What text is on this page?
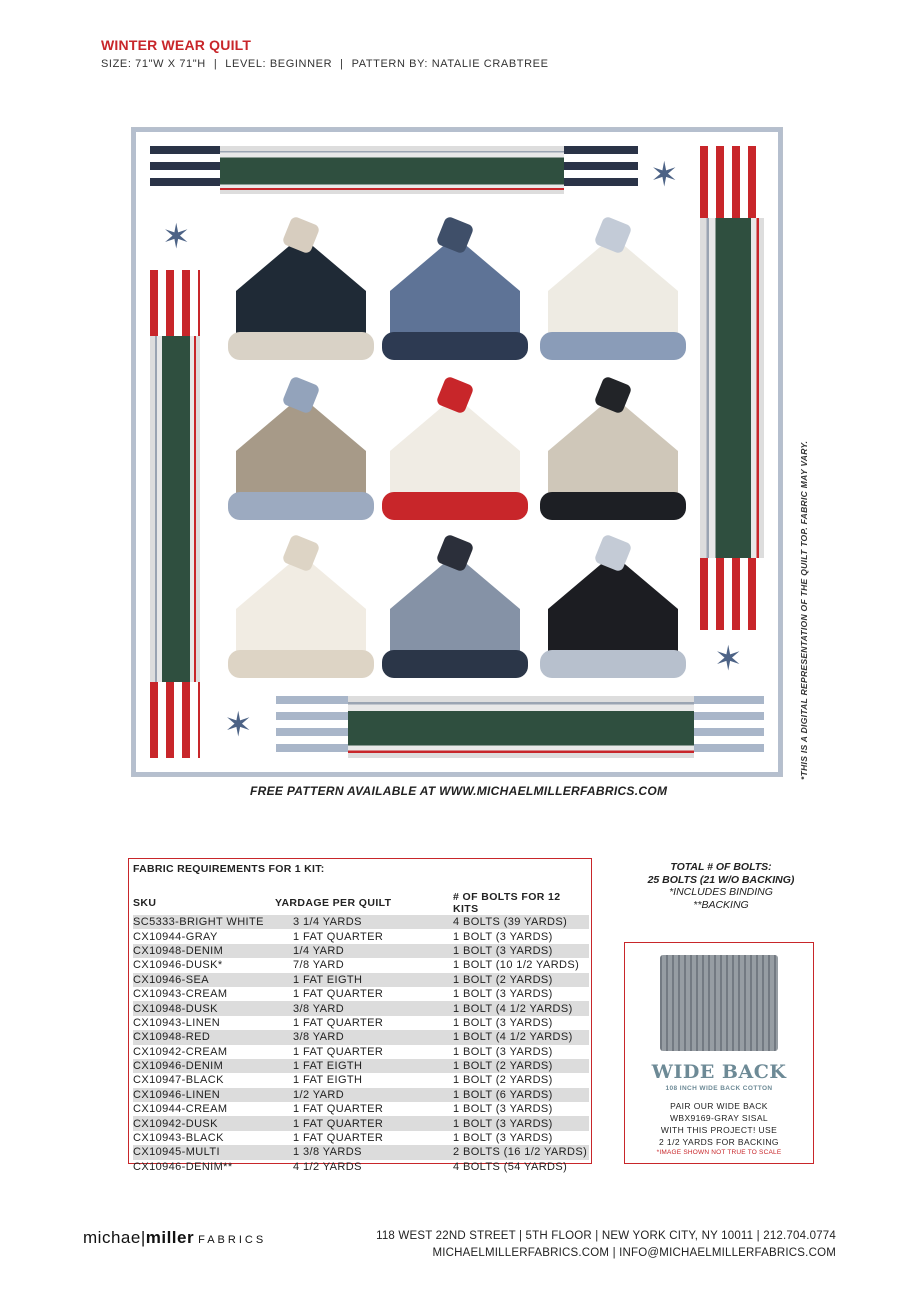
WINTER WEAR QUILT
SIZE: 71"W X 71"H | LEVEL: BEGINNER | PATTERN BY: NATALIE CRABTREE
✶
✶
✶
✶
FREE PATTERN AVAILABLE AT WWW.MICHAELMILLERFABRICS.COM
*THIS IS A DIGITAL REPRESENTATION OF THE QUILT TOP. FABRIC MAY VARY.
FABRIC REQUIREMENTS FOR 1 KIT:
SKU	YARDAGE PER QUILT	# OF BOLTS FOR 12 KITS
SC5333-BRIGHT WHITE	3 1/4 YARDS	4 BOLTS (39 YARDS)
CX10944-GRAY	1 FAT QUARTER	1 BOLT (3 YARDS)
CX10948-DENIM	1/4 YARD	1 BOLT (3 YARDS)
CX10946-DUSK*	7/8 YARD	1 BOLT (10 1/2 YARDS)
CX10946-SEA	1 FAT EIGTH	1 BOLT (2 YARDS)
CX10943-CREAM	1 FAT QUARTER	1 BOLT (3 YARDS)
CX10948-DUSK	3/8 YARD	1 BOLT (4 1/2 YARDS)
CX10943-LINEN	1 FAT QUARTER	1 BOLT (3 YARDS)
CX10948-RED	3/8 YARD	1 BOLT (4 1/2 YARDS)
CX10942-CREAM	1 FAT QUARTER	1 BOLT (3 YARDS)
CX10946-DENIM	1 FAT EIGTH	1 BOLT (2 YARDS)
CX10947-BLACK	1 FAT EIGTH	1 BOLT (2 YARDS)
CX10946-LINEN	1/2 YARD	1 BOLT (6 YARDS)
CX10944-CREAM	1 FAT QUARTER	1 BOLT (3 YARDS)
CX10942-DUSK	1 FAT QUARTER	1 BOLT (3 YARDS)
CX10943-BLACK	1 FAT QUARTER	1 BOLT (3 YARDS)
CX10945-MULTI	1 3/8 YARDS	2 BOLTS (16 1/2 YARDS)
CX10946-DENIM**	4 1/2 YARDS	4 BOLTS (54 YARDS)
TOTAL # OF BOLTS:
25 BOLTS (21 W/O BACKING)
*INCLUDES BINDING
**BACKING
WIDE BACK
108 INCH WIDE BACK COTTON
PAIR OUR WIDE BACK
WBX9169-GRAY SISAL
WITH THIS PROJECT! USE
2 1/2 YARDS FOR BACKING
*IMAGE SHOWN NOT TRUE TO SCALE
michae|miller FABRICS	118 WEST 22ND STREET | 5TH FLOOR | NEW YORK CITY, NY 10011 | 212.704.0774
MICHAELMILLERFABRICS.COM | INFO@MICHAELMILLERFABRICS.COM
